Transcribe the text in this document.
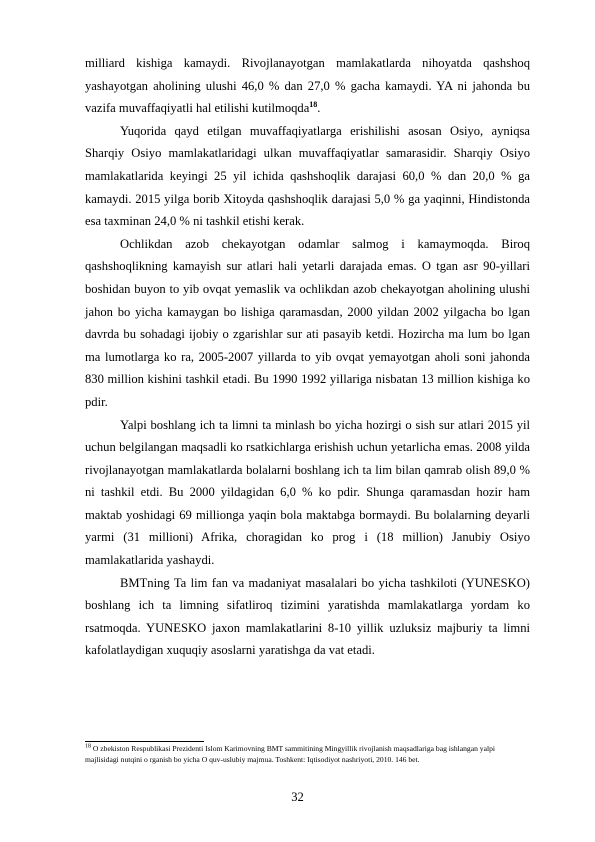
milliard kishiga kamaydi. Rivojlanayotgan mamlakatlarda nihoyatda qashshoq yashayotgan aholining ulushi 46,0 % dan 27,0 % gacha kamaydi. YA ni jahonda bu vazifa muvaffaqiyatli hal etilishi kutilmoqda$^{18}$.

Yuqorida qayd etilgan muvaffaqiyatlarga erishilishi asosan Osiyo, ayniqsa Sharqiy Osiyo mamlakatlaridagi ulkan muvaffaqiyatlar samarasidir. Sharqiy Osiyo mamlakatlarida keyingi 25 yil ichida qashshoqlik darajasi 60,0 % dan 20,0 % ga kamaydi. 2015 yilga borib Xitoyda qashshoqlik darajasi 5,0 % ga yaqinni, Hindistonda esa taxminan 24,0 % ni tashkil etishi kerak.

Ochlikdan azob chekayotgan odamlar salmog i kamaymoqda. Biroq qashshoqlikning kamayish sur atlari hali yetarli darajada emas. O tgan asr 90-yillari boshidan buyon to yib ovqat yemaslik va ochlikdan azob chekayotgan aholining ulushi jahon bo yicha kamaygan bo lishiga qaramasdan, 2000 yildan 2002 yilgacha bo lgan davrda bu sohadagi ijobiy o zgarishlar sur ati pasayib ketdi. Hozircha ma lum bo lgan ma lumotlarga ko ra, 2005-2007 yillarda to yib ovqat yemayotgan aholi soni jahonda 830 million kishini tashkil etadi. Bu 1990 1992 yillariga nisbatan 13 million kishiga ko pdir.

Yalpi boshlang ich ta limni ta minlash bo yicha hozirgi o sish sur atlari 2015 yil uchun belgilangan maqsadli ko rsatkichlarga erishish uchun yetarlicha emas. 2008 yilda rivojlanayotgan mamlakatlarda bolalarni boshlang ich ta lim bilan qamrab olish 89,0 % ni tashkil etdi. Bu 2000 yildagidan 6,0 % ko pdir. Shunga qaramasdan hozir ham maktab yoshidagi 69 millionga yaqin bola maktabga bormaydi. Bu bolalarning deyarli yarmi (31 millioni) Afrika, choragidan ko prog i (18 million) Janubiy Osiyo mamlakatlarida yashaydi.

BMTning Ta lim fan va madaniyat masalalari bo yicha tashkiloti (YUNESKO) boshlang ich ta limning sifatliroq tizimini yaratishda mamlakatlarga yordam ko rsatmoqda. YUNESKO jaxon mamlakatlarini 8-10 yillik uzluksiz majburiy ta limni kafolatlaydigan xuquqiy asoslarni yaratishga da vat etadi.

$^{18}$ O zbekiston Respublikasi Prezidenti Islom Karimovning BMT sammitining Mingyillik rivojlanish maqsadlariga bag ishlangan yalpi majlisidagi nutqini o rganish bo yicha O quv-uslubiy majmua. Toshkent: Iqtisodiyot nashriyoti, 2010. 146 bet.
32
